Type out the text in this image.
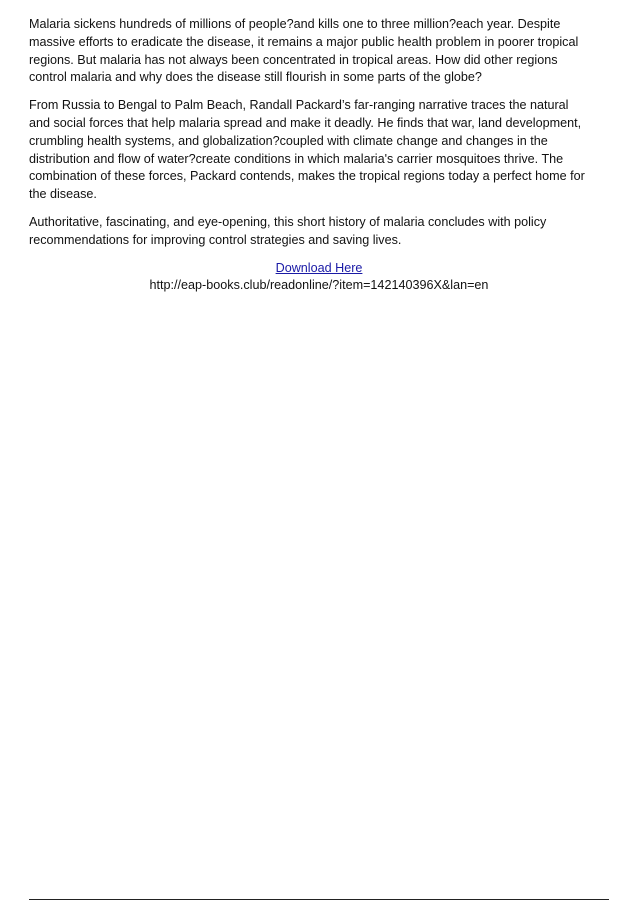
Malaria sickens hundreds of millions of people?and kills one to three million?each year. Despite
massive efforts to eradicate the disease, it remains a major public health problem in poorer tropical
regions. But malaria has not always been concentrated in tropical areas. How did other regions
control malaria and why does the disease still flourish in some parts of the globe?

From Russia to Bengal to Palm Beach, Randall Packard’s far-ranging narrative traces the natural
and social forces that help malaria spread and make it deadly. He finds that war, land development,
crumbling health systems, and globalization?coupled with climate change and changes in the
distribution and flow of water?create conditions in which malaria's carrier mosquitoes thrive. The
combination of these forces, Packard contends, makes the tropical regions today a perfect home for
the disease.

Authoritative, fascinating, and eye-opening, this short history of malaria concludes with policy
recommendations for improving control strategies and saving lives.

Download Here
http://eap-books.club/readonline/?item=142140396X&lan=en
